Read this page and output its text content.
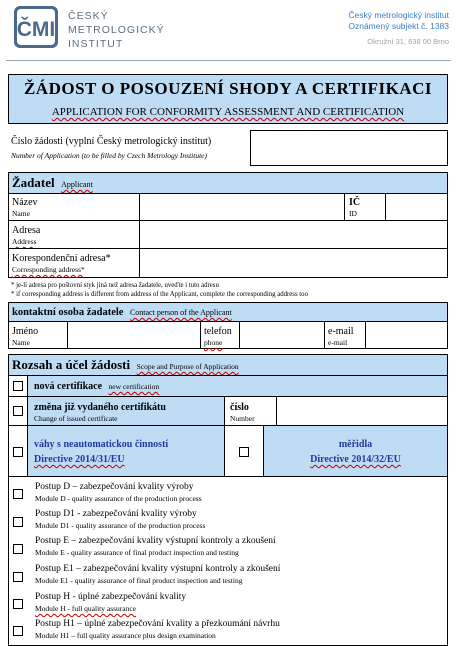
ČMI
ČESKÝ
METROLOGICKÝ
INSTITUT
Český metrologický institut
Oznámený subjekt č. 1383
Okružní 31, 638 00 Brno
ŽÁDOST O POSOUZENÍ SHODY A CERTIFIKACI
APPLICATION FOR CONFORMITY ASSESSMENT AND CERTIFICATION
Číslo žádosti (vyplní Český metrologický institut)
Number of Application (to be filled by Czech Metrology Institute)
Žadatel Applicant
Název
Name
IČ
ID
Adresa
Address
Korespondenční adresa*
Corresponding address*
* je-li adresa pro poštovní styk jiná než adresa žadatele, uveďte i tuto adresu
* if corresponding address is different from address of the Applicant, complete the corresponding address too
kontaktní osoba žadatele Contact person of the Applicant
Jméno
Name
telefon
phone
e-mail
e-mail
Rozsah a účel žádosti Scope and Purpose of Application
nová certifikace new certification
změna již vydaného certifikátu
Change of issued certificate
číslo
Number
váhy s neautomatickou činností
Directive 2014/31/EU
měřidla
Directive 2014/32/EU
Postup D – zabezpečování kvality výroby
Module D - quality assurance of the production process
Postup D1 - zabezpečování kvality výroby
Module D1 - quality assurance of the production process
Postup E – zabezpečování kvality výstupní kontroly a zkoušení
Module E - quality assurance of final product inspection and testing
Postup E1 – zabezpečování kvality výstupní kontroly a zkoušení
Module E1 - quality assurance of final product inspection and testing
Postup H - úplné zabezpečování kvality
Module H - full quality assurance
Postup H1 – úplné zabezpečování kvality a přezkoumání návrhu
Module H1 – full quality assurance plus design examination
